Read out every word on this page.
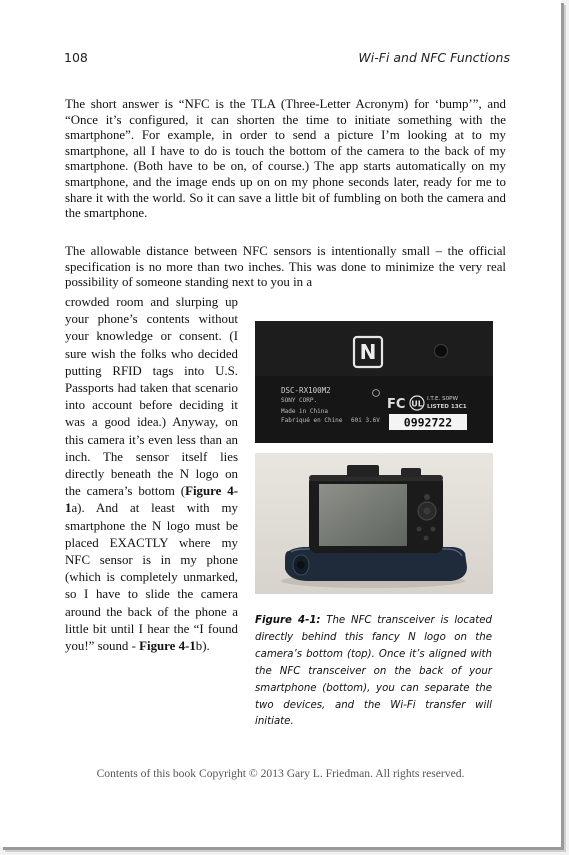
108	Wi-Fi and NFC Functions

The short answer is “NFC is the TLA (Three-Letter Acronym) for ‘bump’”, and “Once it’s configured, it can shorten the time to initiate something with the smartphone”. For example, in order to send a picture I’m looking at to my smartphone, all I have to do is touch the bottom of the camera to the back of my smartphone. (Both have to be on, of course.) The app starts automatically on my smartphone, and the image ends up on on my phone seconds later, ready for me to share it with the world. So it can save a little bit of fumbling on both the camera and the smartphone.

The allowable distance between NFC sensors is intentionally small – the official specification is no more than two inches. This was done to minimize the very real possibility of someone standing next to you in a

crowded room and slurping up your phone’s contents without your knowledge or consent. (I sure wish the folks who decided putting RFID tags into U.S. Passports had taken that scenario into account before deciding it was a good idea.) Anyway, on this camera it’s even less than an inch. The sensor itself lies directly beneath the N logo on the camera’s bottom (Figure 4-1a). And at least with my smartphone the N logo must be placed EXACTLY where my NFC sensor is in my phone (which is completely unmarked, so I have to slide the camera around the back of the phone a little bit until I hear the “I found you!” sound - Figure 4-1b).

N
DSC-RX100M2
SONY CORP.
Made in China
Fabriqué en Chine 60i 3.6V
FC UL
I.T.E. S0PW
LISTED 13C1
0992722

Figure 4-1: The NFC transceiver is located directly behind this fancy N logo on the camera’s bottom (top). Once it’s aligned with the NFC transceiver on the back of your smartphone (bottom), you can separate the two devices, and the Wi-Fi transfer will initiate.

Contents of this book Copyright © 2013 Gary L. Friedman. All rights reserved.
